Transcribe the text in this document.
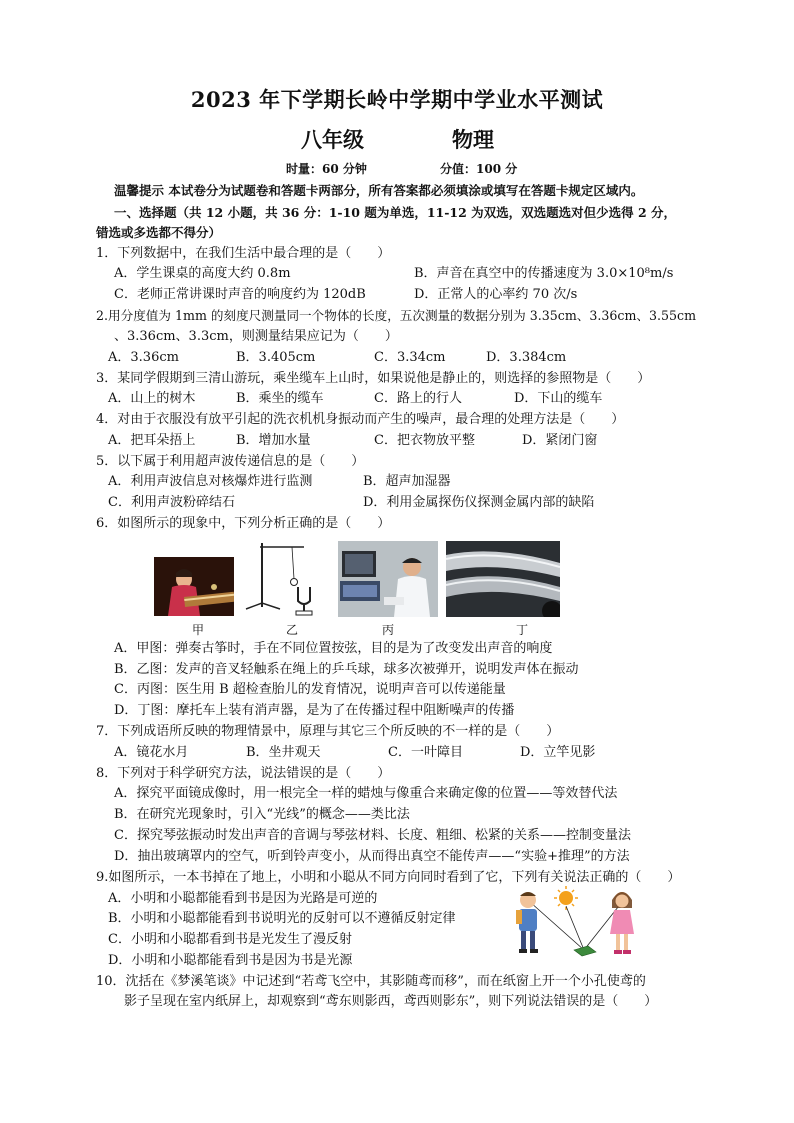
2023 年下学期长岭中学期中学业水平测试
八年级	物理
时量：60 分钟	分值：100 分
温馨提示 本试卷分为试题卷和答题卡两部分，所有答案都必须填涂或填写在答题卡规定区域内。
一、选择题（共 12 小题，共 36 分：1-10 题为单选，11-12 为双选，双选题选对但少选得 2 分，
错选或多选都不得分）
1．下列数据中，在我们生活中最合理的是（　　）
A．学生课桌的高度大约 0.8m	B．声音在真空中的传播速度为 3.0×10⁸m/s
C．老师正常讲课时声音的响度约为 120dB	D．正常人的心率约 70 次/s
2.用分度值为 1mm 的刻度尺测量同一个物体的长度，五次测量的数据分别为 3.35cm、3.36cm、3.55cm
、3.36cm、3.3cm，则测量结果应记为（　　）
A．3.36cm	B．3.405cm	C．3.34cm	D．3.384cm
3．某同学假期到三清山游玩，乘坐缆车上山时，如果说他是静止的，则选择的参照物是（　　）
A．山上的树木	B．乘坐的缆车	C．路上的行人	D．下山的缆车
4．对由于衣服没有放平引起的洗衣机机身振动而产生的噪声，最合理的处理方法是（　　）
A．把耳朵捂上	B．增加水量	C．把衣物放平整	D．紧闭门窗
5．以下属于利用超声波传递信息的是（　　）
A．利用声波信息对核爆炸进行监测	B．超声加湿器
C．利用声波粉碎结石	D．利用金属探伤仪探测金属内部的缺陷
6．如图所示的现象中，下列分析正确的是（　　）
甲	乙	丙	丁
A．甲图：弹奏古筝时，手在不同位置按弦，目的是为了改变发出声音的响度
B．乙图：发声的音叉轻触系在绳上的乒乓球，球多次被弹开，说明发声体在振动
C．丙图：医生用 B 超检查胎儿的发育情况，说明声音可以传递能量
D．丁图：摩托车上装有消声器，是为了在传播过程中阻断噪声的传播
7．下列成语所反映的物理情景中，原理与其它三个所反映的不一样的是（　　）
A．镜花水月	B．坐井观天	C．一叶障目	D．立竿见影
8．下列对于科学研究方法，说法错误的是（　　）
A．探究平面镜成像时，用一根完全一样的蜡烛与像重合来确定像的位置——等效替代法
B．在研究光现象时，引入“光线”的概念——类比法
C．探究琴弦振动时发出声音的音调与琴弦材料、长度、粗细、松紧的关系——控制变量法
D．抽出玻璃罩内的空气，听到铃声变小，从而得出真空不能传声——“实验+推理”的方法
9.如图所示，一本书掉在了地上，小明和小聪从不同方向同时看到了它，下列有关说法正确的（　　）
A．小明和小聪都能看到书是因为光路是可逆的
B．小明和小聪都能看到书说明光的反射可以不遵循反射定律
C．小明和小聪都看到书是光发生了漫反射
D．小明和小聪都能看到书是因为书是光源
10．沈括在《梦溪笔谈》中记述到“若鸢飞空中，其影随鸢而移”，而在纸窗上开一个小孔使鸢的
影子呈现在室内纸屏上，却观察到“鸢东则影西，鸢西则影东”，则下列说法错误的是（　　）
